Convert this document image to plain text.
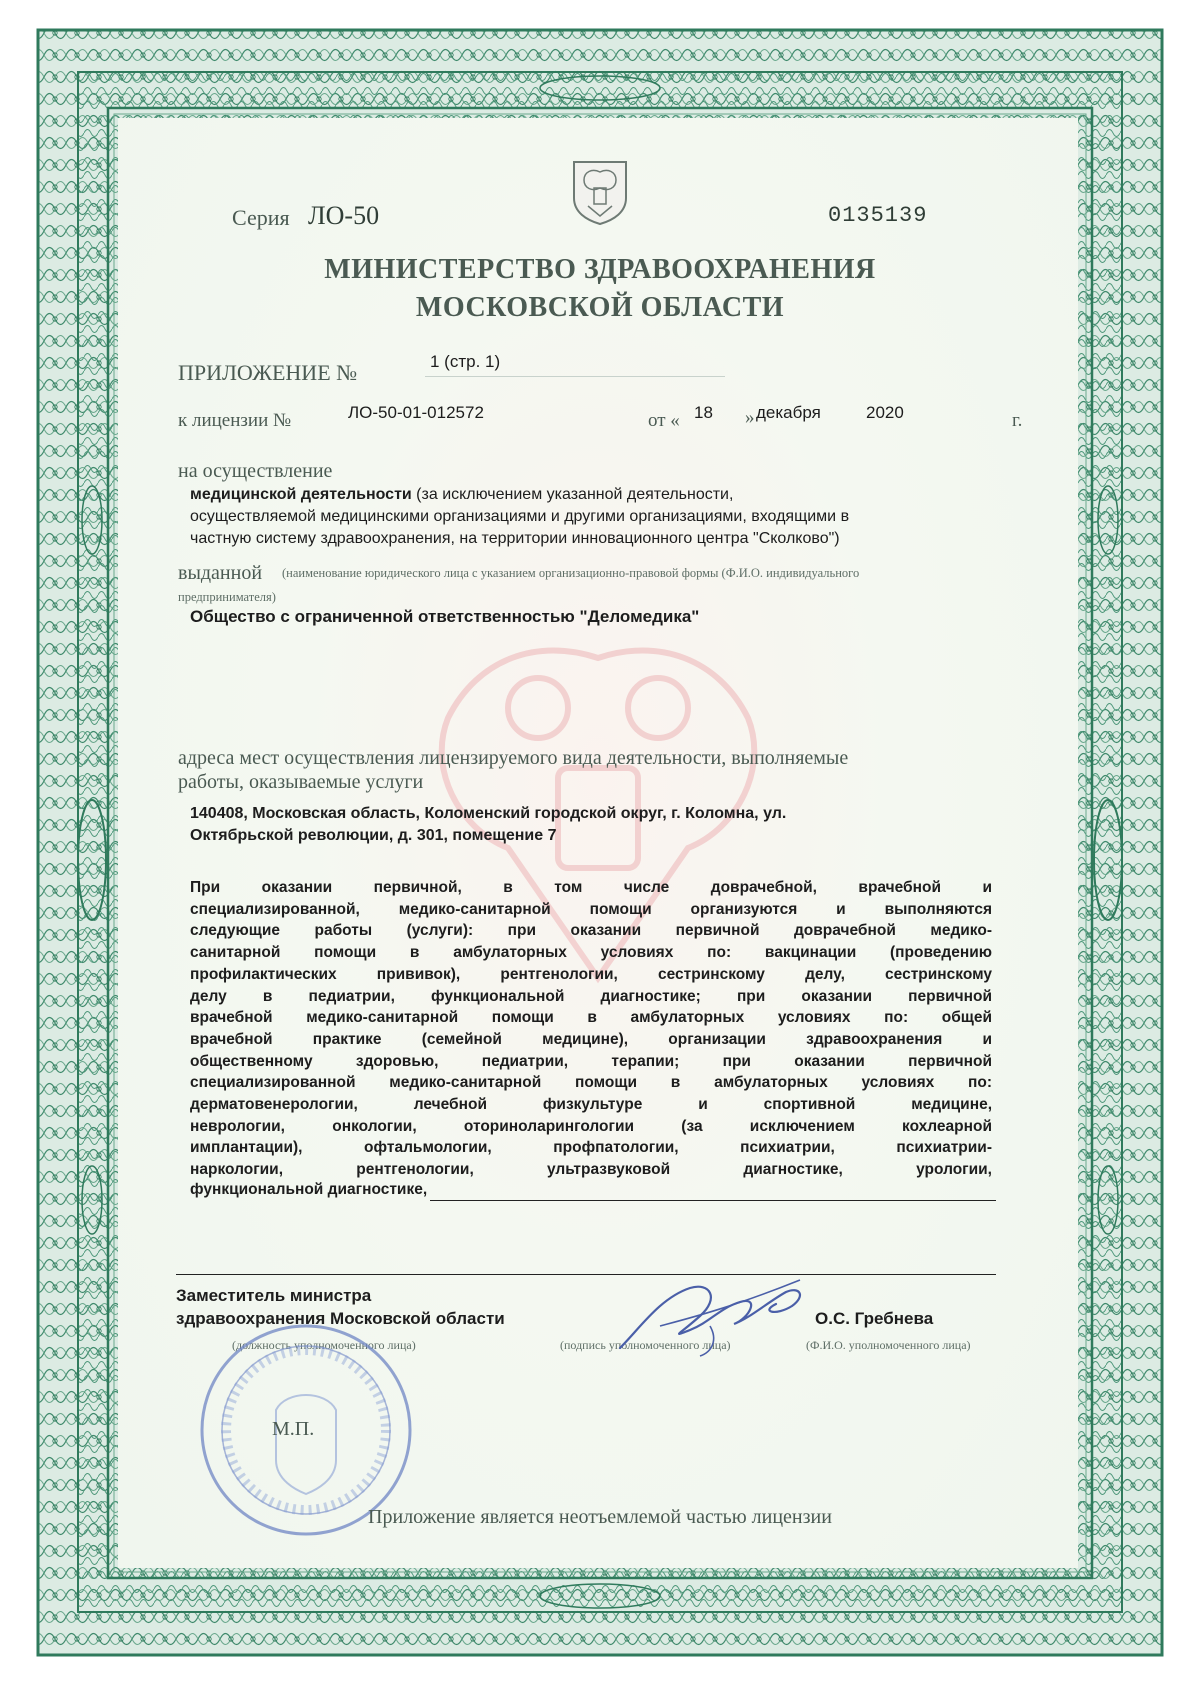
Серия ЛО-50	0135139
МИНИСТЕРСТВО ЗДРАВООХРАНЕНИЯ
МОСКОВСКОЙ ОБЛАСТИ
ПРИЛОЖЕНИЕ №	1 (стр. 1)
к лицензии №	ЛО-50-01-012572	от « 18 » декабря	2020	г.
на осуществление
медицинской деятельности (за исключением указанной деятельности,
осуществляемой медицинскими организациями и другими организациями, входящими в
частную систему здравоохранения, на территории инновационного центра "Сколково")
выданной (наименование юридического лица с указанием организационно-правовой формы (Ф.И.О. индивидуального
предпринимателя)
Общество с ограниченной ответственностью "Деломедика"
адреса мест осуществления лицензируемого вида деятельности, выполняемые
работы, оказываемые услуги
140408, Московская область, Коломенский городской округ, г. Коломна, ул.
Октябрьской революции, д. 301, помещение 7
При оказании первичной, в том числе доврачебной, врачебной и
специализированной, медико-санитарной помощи организуются и выполняются
следующие работы (услуги): при оказании первичной доврачебной медико-
санитарной помощи в амбулаторных условиях по: вакцинации (проведению
профилактических прививок), рентгенологии, сестринскому делу, сестринскому
делу в педиатрии, функциональной диагностике; при оказании первичной
врачебной медико-санитарной помощи в амбулаторных условиях по: общей
врачебной практике (семейной медицине), организации здравоохранения и
общественному здоровью, педиатрии, терапии; при оказании первичной
специализированной медико-санитарной помощи в амбулаторных условиях по:
дерматовенерологии, лечебной физкультуре и спортивной медицине,
неврологии, онкологии, оториноларингологии (за исключением кохлеарной
имплантации), офтальмологии, профпатологии, психиатрии, психиатрии-
наркологии, рентгенологии, ультразвуковой диагностике, урологии,
функциональной диагностике,
Заместитель министра
здравоохранения Московской области	О.С. Гребнева
(должность уполномоченного лица)	(подпись уполномоченного лица)	(Ф.И.О. уполномоченного лица)
М.П.
Приложение является неотъемлемой частью лицензии
